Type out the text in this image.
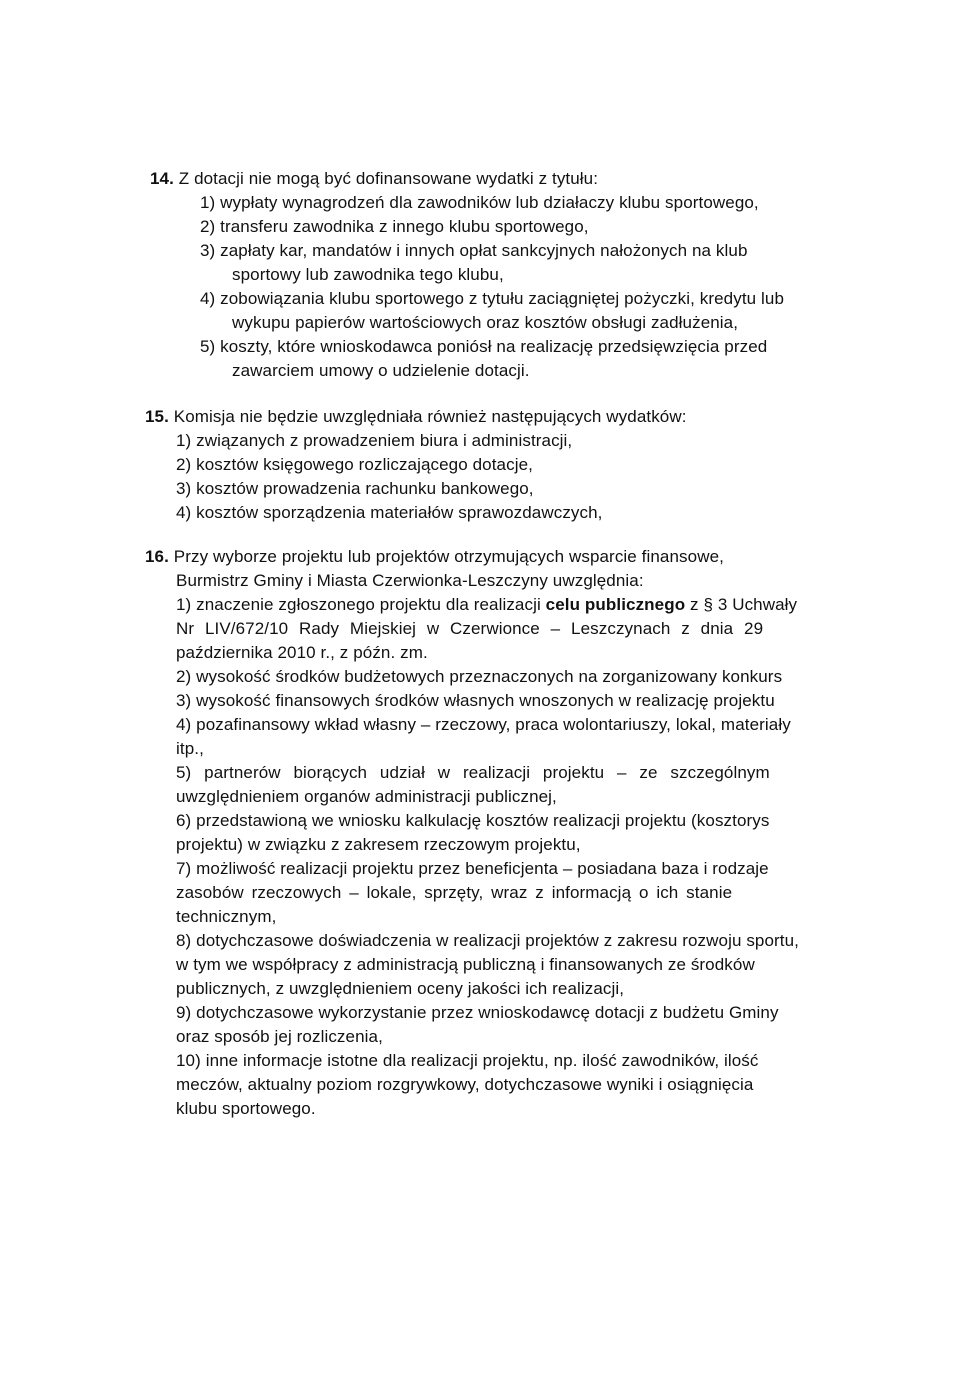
14. Z dotacji nie mogą być dofinansowane wydatki z tytułu:
1) wypłaty wynagrodzeń dla zawodników lub działaczy klubu sportowego,
2) transferu zawodnika z innego klubu sportowego,
3) zapłaty kar, mandatów i innych opłat sankcyjnych nałożonych na klub
sportowy lub zawodnika tego klubu,
4) zobowiązania klubu sportowego z tytułu zaciągniętej pożyczki, kredytu lub
wykupu papierów wartościowych oraz kosztów obsługi zadłużenia,
5) koszty, które wnioskodawca poniósł na realizację przedsięwzięcia przed
zawarciem umowy o udzielenie dotacji.
15. Komisja nie będzie uwzględniała również następujących wydatków:
1) związanych z prowadzeniem biura i administracji,
2) kosztów księgowego rozliczającego dotacje,
3) kosztów prowadzenia rachunku bankowego,
4) kosztów sporządzenia materiałów sprawozdawczych,
16. Przy wyborze projektu lub projektów otrzymujących wsparcie finansowe,
Burmistrz Gminy i Miasta Czerwionka-Leszczyny uwzględnia:
1) znaczenie zgłoszonego projektu dla realizacji celu publicznego z § 3 Uchwały
Nr LIV/672/10 Rady Miejskiej w Czerwionce – Leszczynach z dnia 29
października 2010 r., z późn. zm.
2) wysokość środków budżetowych przeznaczonych na zorganizowany konkurs
3) wysokość finansowych środków własnych wnoszonych w realizację projektu
4) pozafinansowy wkład własny – rzeczowy, praca wolontariuszy, lokal, materiały
itp.,
5) partnerów biorących udział w realizacji projektu – ze szczególnym
uwzględnieniem organów administracji publicznej,
6) przedstawioną we wniosku kalkulację kosztów realizacji projektu (kosztorys
projektu) w związku z zakresem rzeczowym projektu,
7) możliwość realizacji projektu przez beneficjenta – posiadana baza i rodzaje
zasobów rzeczowych – lokale, sprzęty, wraz z informacją o ich stanie
technicznym,
8) dotychczasowe doświadczenia w realizacji projektów z zakresu rozwoju sportu,
w tym we współpracy z administracją publiczną i finansowanych ze środków
publicznych, z uwzględnieniem oceny jakości ich realizacji,
9) dotychczasowe wykorzystanie przez wnioskodawcę dotacji z budżetu Gminy
oraz sposób jej rozliczenia,
10) inne informacje istotne dla realizacji projektu, np. ilość zawodników, ilość
meczów, aktualny poziom rozgrywkowy, dotychczasowe wyniki i osiągnięcia
klubu sportowego.
